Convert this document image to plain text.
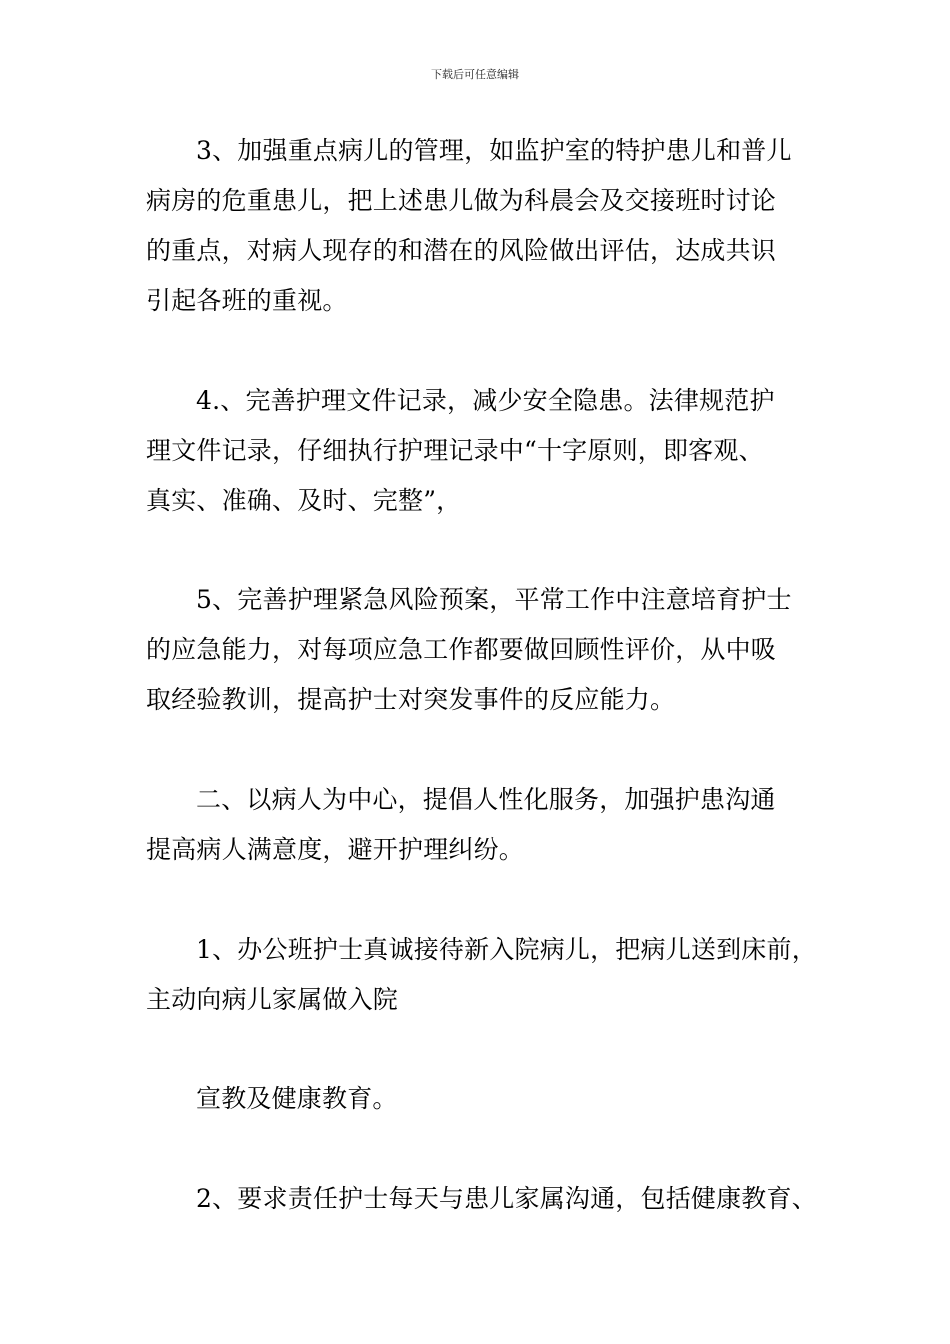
下载后可任意编辑
3、加强重点病儿的管理，如监护室的特护患儿和普儿
病房的危重患儿，把上述患儿做为科晨会及交接班时讨论
的重点，对病人现存的和潜在的风险做出评估，达成共识
引起各班的重视。
4.、完善护理文件记录，减少安全隐患。法律规范护
理文件记录，仔细执行护理记录中“十字原则，即客观、
真实、准确、及时、完整”，
5、完善护理紧急风险预案，平常工作中注意培育护士
的应急能力，对每项应急工作都要做回顾性评价，从中吸
取经验教训，提高护士对突发事件的反应能力。
二、以病人为中心，提倡人性化服务，加强护患沟通
提高病人满意度，避开护理纠纷。
1、办公班护士真诚接待新入院病儿，把病儿送到床前，
主动向病儿家属做入院
宣教及健康教育。
2、要求责任护士每天与患儿家属沟通，包括健康教育、
